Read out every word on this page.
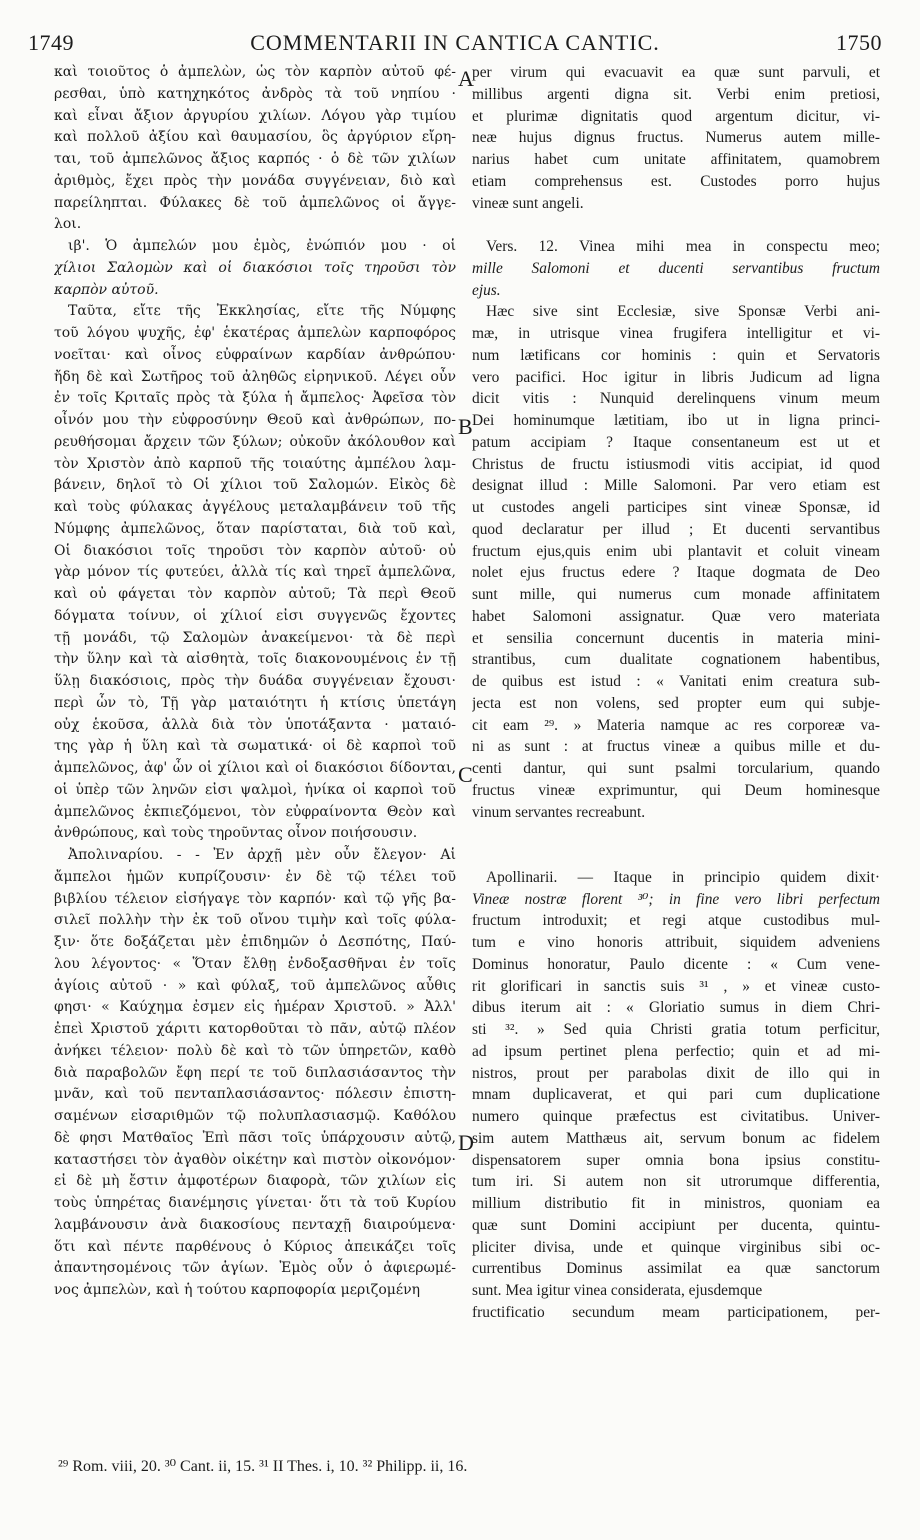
1749	COMMENTARII IN CANTICA CANTIC.	1750

καὶ τοιοῦτος ὁ ἀμπελὼν, ὡς τὸν καρπὸν αὐτοῦ φέ-

ρεσθαι, ὑπὸ κατηχηκότος ἀνδρὸς τὰ τοῦ νηπίου ·

καὶ εἶναι ἄξιον ἀργυρίου χιλίων. Λόγου γὰρ τιμίου

καὶ πολλοῦ ἀξίου καὶ θαυμασίου, ὃς ἀργύριον εἴρη-

ται, τοῦ ἀμπελῶνος ἄξιος καρπός · ὁ δὲ τῶν χιλίων

ἀριθμὸς, ἔχει πρὸς τὴν μονάδα συγγένειαν, διὸ καὶ

παρείληπται. Φύλακες δὲ τοῦ ἀμπελῶνος οἱ ἄγγε-

λοι.

ιβ'. Ὁ ἀμπελών μου ἐμὸς, ἐνώπιόν μου · οἱ

χίλιοι Σαλομὼν καὶ οἱ διακόσιοι τοῖς τηροῦσι τὸν

καρπὸν αὐτοῦ.

Ταῦτα, εἴτε τῆς Ἐκκλησίας, εἴτε τῆς Νύμφης

τοῦ λόγου ψυχῆς, ἐφ' ἑκατέρας ἀμπελὼν καρποφόρος

νοεῖται· καὶ οἶνος εὐφραίνων καρδίαν ἀνθρώπου·

ἤδη δὲ καὶ Σωτῆρος τοῦ ἀληθῶς εἰρηνικοῦ. Λέγει οὖν

ἐν τοῖς Κριταῖς πρὸς τὰ ξύλα ἡ ἄμπελος· Ἀφεῖσα τὸν

οἶνόν μου τὴν εὐφροσύνην Θεοῦ καὶ ἀνθρώπων, πο-

ρευθήσομαι ἄρχειν τῶν ξύλων; οὐκοῦν ἀκόλουθον καὶ

τὸν Χριστὸν ἀπὸ καρποῦ τῆς τοιαύτης ἀμπέλου λαμ-

βάνειν, δηλοῖ τὸ Οἱ χίλιοι τοῦ Σαλομών. Εἰκὸς δὲ

καὶ τοὺς φύλακας ἀγγέλους μεταλαμβάνειν τοῦ τῆς

Νύμφης ἀμπελῶνος, ὅταν παρίσταται, διὰ τοῦ καὶ,

Οἱ διακόσιοι τοῖς τηροῦσι τὸν καρπὸν αὐτοῦ· οὐ

γὰρ μόνον τίς φυτεύει, ἀλλὰ τίς καὶ τηρεῖ ἀμπελῶνα,

καὶ οὐ φάγεται τὸν καρπὸν αὐτοῦ; Τὰ περὶ Θεοῦ

δόγματα τοίνυν, οἱ χίλιοί εἰσι συγγενῶς ἔχοντες

τῇ μονάδι, τῷ Σαλομὼν ἀνακείμενοι· τὰ δὲ περὶ

τὴν ὕλην καὶ τὰ αἰσθητὰ, τοῖς διακονουμένοις ἐν τῇ

ὕλῃ διακόσιοις, πρὸς τὴν δυάδα συγγένειαν ἔχουσι·

περὶ ὧν τὸ, Τῇ γὰρ ματαιότητι ἡ κτίσις ὑπετάγη

οὐχ ἑκοῦσα, ἀλλὰ διὰ τὸν ὑποτάξαντα · ματαιό-

της γὰρ ἡ ὕλη καὶ τὰ σωματικά· οἱ δὲ καρποὶ τοῦ

ἀμπελῶνος, ἀφ' ὧν οἱ χίλιοι καὶ οἱ διακόσιοι δίδονται,

οἱ ὑπὲρ τῶν ληνῶν εἰσι ψαλμοὶ, ἡνίκα οἱ καρποὶ τοῦ

ἀμπελῶνος ἐκπιεζόμενοι, τὸν εὐφραίνοντα Θεὸν καὶ

ἀνθρώπους, καὶ τοὺς τηροῦντας οἶνον ποιήσουσιν.

Ἀπολιναρίου. - - Ἐν ἀρχῇ μὲν οὖν ἔλεγον· Αἱ

ἄμπελοι ἡμῶν κυπρίζουσιν· ἐν δὲ τῷ τέλει τοῦ

βιβλίου τέλειον εἰσήγαγε τὸν καρπόν· καὶ τῷ γῆς βα-

σιλεῖ πολλὴν τὴν ἐκ τοῦ οἴνου τιμὴν καὶ τοῖς φύλα-

ξιν· ὅτε δοξάζεται μὲν ἐπιδημῶν ὁ Δεσπότης, Παύ-

λου λέγοντος· « Ὅταν ἔλθῃ ἐνδοξασθῆναι ἐν τοῖς

ἁγίοις αὐτοῦ · » καὶ φύλαξ, τοῦ ἀμπελῶνος αὖθις

φησι· « Καύχημα ἐσμεν εἰς ἡμέραν Χριστοῦ. » Ἀλλ'

ἐπεὶ Χριστοῦ χάριτι κατορθοῦται τὸ πᾶν, αὐτῷ πλέον

ἀνήκει τέλειον· πολὺ δὲ καὶ τὸ τῶν ὑπηρετῶν, καθὸ

διὰ παραβολῶν ἔφη περί τε τοῦ διπλασιάσαντος τὴν

μνᾶν, καὶ τοῦ πενταπλασιάσαντος· πόλεσιν ἐπιστη-

σαμένων εἰσαριθμῶν τῷ πολυπλασιασμῷ. Καθόλου

δὲ φησι Ματθαῖος Ἐπὶ πᾶσι τοῖς ὑπάρχουσιν αὐτῷ,

καταστήσει τὸν ἀγαθὸν οἰκέτην καὶ πιστὸν οἰκονόμον·

εἰ δὲ μὴ ἔστιν ἀμφοτέρων διαφορὰ, τῶν χιλίων εἰς

τοὺς ὑπηρέτας διανέμησις γίνεται· ὅτι τὰ τοῦ Κυρίου

λαμβάνουσιν ἀνὰ διακοσίους πενταχῇ διαιρούμενα·

ὅτι καὶ πέντε παρθένους ὁ Κύριος ἀπεικάζει τοῖς

ἀπαντησομένοις τῶν ἁγίων. Ἐμὸς οὖν ὁ ἀφιερωμέ-

νος ἀμπελὼν, καὶ ἡ τούτου καρποφορία μεριζομένη

per virum qui evacuavit ea quæ sunt parvuli, et

millibus argenti digna sit. Verbi enim pretiosi,

et plurimæ dignitatis quod argentum dicitur, vi-

neæ hujus dignus fructus. Numerus autem mille-

narius habet cum unitate affinitatem, quamobrem

etiam comprehensus est. Custodes porro hujus

vineæ sunt angeli.

Vers. 12. Vinea mihi mea in conspectu meo;

mille Salomoni et ducenti servantibus fructum

ejus.

Hæc sive sint Ecclesiæ, sive Sponsæ Verbi ani-

mæ, in utrisque vinea frugifera intelligitur et vi-

num lætificans cor hominis : quin et Servatoris

vero pacifici. Hoc igitur in libris Judicum ad ligna

dicit vitis : Nunquid derelinquens vinum meum

Dei hominumque lætitiam, ibo ut in ligna princi-

patum accipiam ? Itaque consentaneum est ut et

Christus de fructu istiusmodi vitis accipiat, id quod

designat illud : Mille Salomoni. Par vero etiam est

ut custodes angeli participes sint vineæ Sponsæ, id

quod declaratur per illud ; Et ducenti servantibus

fructum ejus,quis enim ubi plantavit et coluit vineam

nolet ejus fructus edere ? Itaque dogmata de Deo

sunt mille, qui numerus cum monade affinitatem

habet Salomoni assignatur. Quæ vero materiata

et sensilia concernunt ducentis in materia mini-

strantibus, cum dualitate cognationem habentibus,

de quibus est istud : « Vanitati enim creatura sub-

jecta est non volens, sed propter eum qui subje-

cit eam ²⁹. » Materia namque ac res corporeæ va-

ni as sunt : at fructus vineæ a quibus mille et du-

centi dantur, qui sunt psalmi torcularium, quando

fructus vineæ exprimuntur, qui Deum hominesque

vinum servantes recreabunt.

Apollinarii. — Itaque in principio quidem dixit·

Vineæ nostræ florent ³⁰; in fine vero libri perfectum

fructum introduxit; et regi atque custodibus mul-

tum e vino honoris attribuit, siquidem adveniens

Dominus honoratur, Paulo dicente : « Cum vene-

rit glorificari in sanctis suis ³¹ , » et vineæ custo-

dibus iterum ait : « Gloriatio sumus in diem Chri-

sti ³². » Sed quia Christi gratia totum perficitur,

ad ipsum pertinet plena perfectio; quin et ad mi-

nistros, prout per parabolas dixit de illo qui in

mnam duplicaverat, et qui pari cum duplicatione

numero quinque præfectus est civitatibus. Univer-

sim autem Matthæus ait, servum bonum ac fidelem

dispensatorem super omnia bona ipsius constitu-

tum iri. Si autem non sit utrorumque differentia,

millium distributio fit in ministros, quoniam ea

quæ sunt Domini accipiunt per ducenta, quintu-

pliciter divisa, unde et quinque virginibus sibi oc-

currentibus Dominus assimilat ea quæ sanctorum

sunt. Mea igitur vinea considerata, ejusdemque

fructificatio secundum meam participationem, per-

A
B
C
D
²⁹ Rom. viii, 20. ³⁰ Cant. ii, 15. ³¹ II Thes. i, 10. ³² Philipp. ii, 16.
